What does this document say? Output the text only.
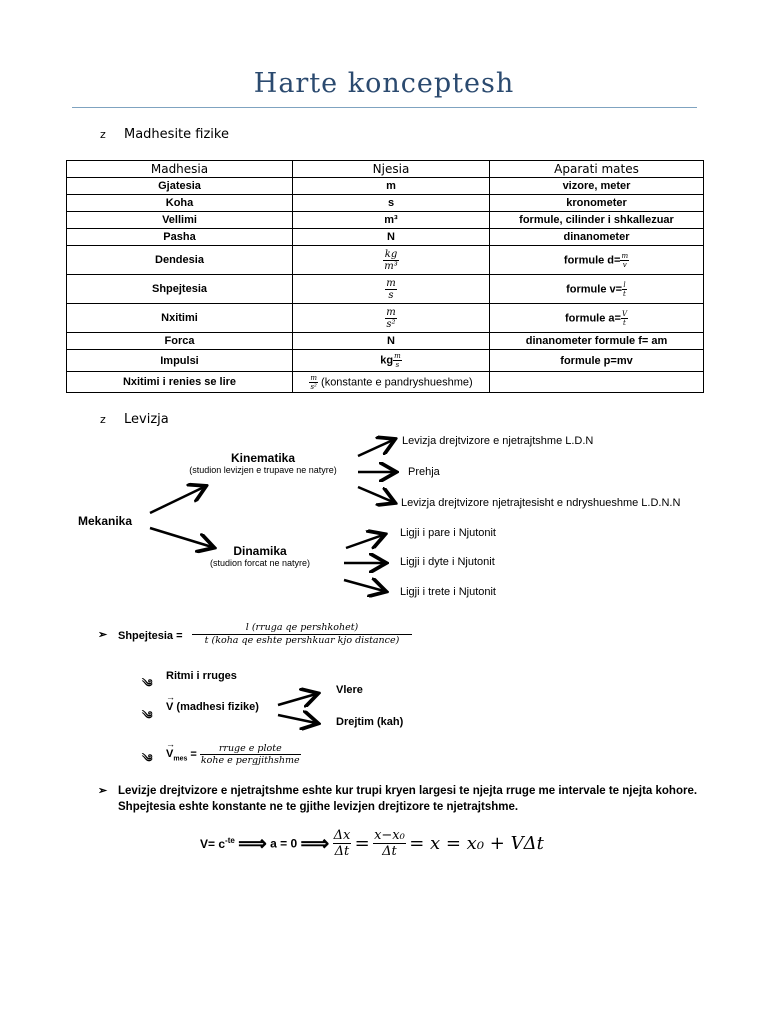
Harte konceptesh
z Madhesite fizike
Madhesia	Njesia	Aparati mates
Gjatesia	m	vizore, meter
Koha	s	kronometer
Vellimi	m³	formule, cilinder i shkallezuar
Pasha	N	dinanometer
Dendesia	$\frac{kg}{\text{m³}}$	formule $d= \frac{m}{v}$

Shpejtesia	$\frac{m}{s}$	formule $v= \frac{l}{t}$

Nxitimi	$\frac{m}{\text{s²}}$	formule $a= \frac{V}{t}$

Forca	N	dinanometer formule f= am
Impulsi	kg $\frac{m}{s}$	formule p=mv
Nxitimi i renies se lire	$\frac{m}{\text{s²}}$ (konstante e pandryshueshme)	
z Levizja
Mekanika
Kinematika
(studion levizjen e trupave ne natyre)
Dinamika
(studion forcat ne natyre)
Levizja drejtvizore e njetrajtshme L.D.N
Prehja
Levizja drejtvizore njetrajtesisht e ndryshueshme L.D.N.N
Ligji i pare i Njutonit
Ligji i dyte i Njutonit
Ligji i trete i Njutonit
➢ Shpejtesia =
l (rruga qe pershkohet)
t (koha qe eshte pershkuar kjo distance)
༄
Ritmi i rruges
༄
→
V (madhesi fizike)
Vlere
Drejtim (kah)
༄
→
$V_{mes} = \frac{\text{rruge e plote}}{\text{kohe e pergjithshme}}$
➢ Levizje drejtvizore e njetrajtshme eshte kur trupi kryen largesi te njejta rruge me intervale te njejta kohore. Shpejtesia eshte konstante ne te gjithe levizjen drejtizore te njetrajtshme.
$V= c^{-te}$ ⟹ a = 0 ⟹ $\frac{\Delta x}{\Delta t} = \frac{\text{x−x₀}}{\Delta t} = x = x_0 + V\Delta t$
